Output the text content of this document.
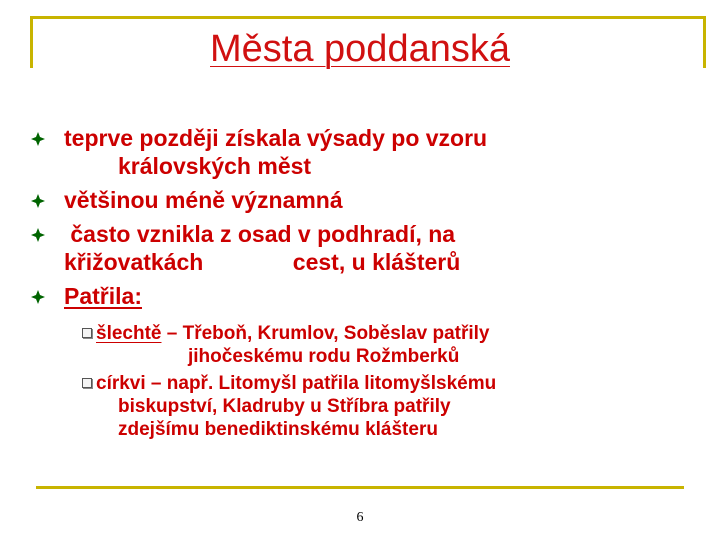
Města poddanská
teprve později získala výsady po vzoru
královských měst
většinou méně významná
často vznikla z osad v podhradí, na
křižovatkách              cest, u klášterů
Patřila:
šlechtě – Třeboň, Krumlov, Soběslav patřily
jihočeskému rodu Rožmberků
církvi – např. Litomyšl patřila litomyšlskému
biskupství, Kladruby u Stříbra patřily
zdejšímu benediktinskému klášteru
6
